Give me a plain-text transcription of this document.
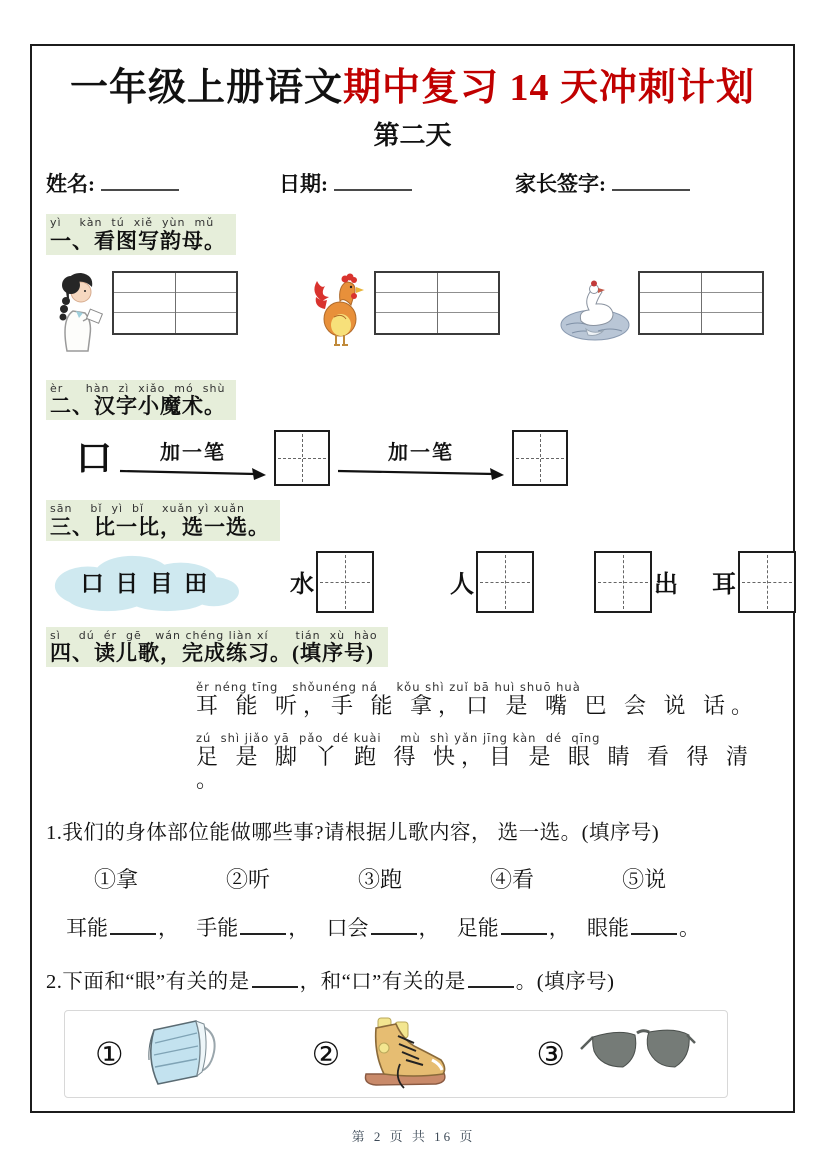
一年级上册语文期中复习 14 天冲刺计划
第二天
姓名:	日期:	家长签字:
yì    kàn  tú  xiě  yùn  mǔ
一、看图写韵母。
èr     hàn  zì  xiǎo  mó  shù
二、汉字小魔术。
口 加一笔	加一笔
sān    bǐ  yì  bǐ    xuǎn yì xuǎn
三、比一比，选一选。
口  日  目  田	水	人	出 耳
sì    dú  ér  gē   wán chéng liàn xí      tián  xù  hào
四、读儿歌，完成练习。(填序号)
ěr néng tīng   shǒunéng ná    kǒu shì zuǐ bā huì shuō huà
耳 能 听，手 能 拿，口 是 嘴 巴 会 说 话。
zú  shì jiǎo yā  pǎo  dé kuài    mù  shì yǎn jīng kàn  dé  qīng
足 是 脚 丫 跑 得 快，目 是 眼 睛 看 得 清 。
1.我们的身体部位能做哪些事?请根据儿歌内容， 选一选。(填序号)
①拿	②听	③跑	④看	⑤说
耳能 ， 手能 ， 口会 ， 足能 ， 眼能 。
2.下面和“眼”有关的是 ，和“口”有关的是 。(填序号)
①	②	③
第 2 页 共 16 页
